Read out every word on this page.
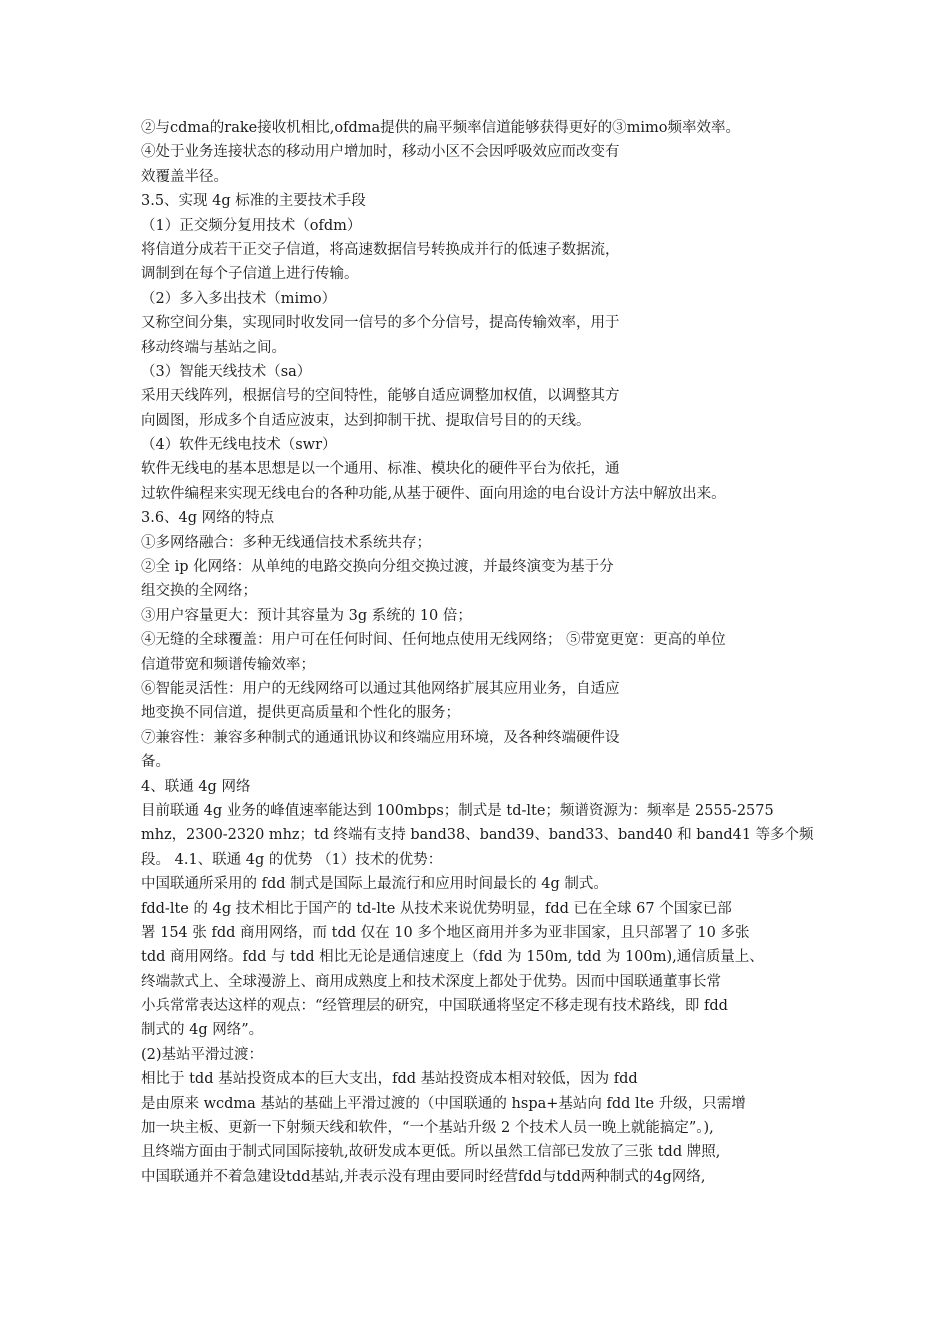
②与cdma的rake接收机相比,ofdma提供的扁平频率信道能够获得更好的③mimo频率效率。
④处于业务连接状态的移动用户增加时，移动小区不会因呼吸效应而改变有
效覆盖半径。
3.5、实现 4g 标准的主要技术手段
（1）正交频分复用技术（ofdm）
将信道分成若干正交子信道，将高速数据信号转换成并行的低速子数据流，
调制到在每个子信道上进行传输。
（2）多入多出技术（mimo）
又称空间分集，实现同时收发同一信号的多个分信号，提高传输效率，用于
移动终端与基站之间。
（3）智能天线技术（sa）
采用天线阵列，根据信号的空间特性，能够自适应调整加权值，以调整其方
向圆图，形成多个自适应波束，达到抑制干扰、提取信号目的的天线。
（4）软件无线电技术（swr）
软件无线电的基本思想是以一个通用、标准、模块化的硬件平台为依托，通
过软件编程来实现无线电台的各种功能,从基于硬件、面向用途的电台设计方法中解放出来。
3.6、4g 网络的特点
①多网络融合：多种无线通信技术系统共存；
②全 ip 化网络：从单纯的电路交换向分组交换过渡，并最终演变为基于分
组交换的全网络；
③用户容量更大：预计其容量为 3g 系统的 10 倍；
④无缝的全球覆盖：用户可在任何时间、任何地点使用无线网络； ⑤带宽更宽：更高的单位
信道带宽和频谱传输效率；
⑥智能灵活性：用户的无线网络可以通过其他网络扩展其应用业务，自适应
地变换不同信道，提供更高质量和个性化的服务；
⑦兼容性：兼容多种制式的通通讯协议和终端应用环境，及各种终端硬件设
备。
4、联通 4g 网络
目前联通 4g 业务的峰值速率能达到 100mbps；制式是 td-lte；频谱资源为：频率是 2555-2575
mhz，2300-2320 mhz；td 终端有支持 band38、band39、band33、band40 和 band41 等多个频
段。 4.1、联通 4g 的优势 （1）技术的优势：
中国联通所采用的 fdd 制式是国际上最流行和应用时间最长的 4g 制式。
fdd-lte 的 4g 技术相比于国产的 td-lte 从技术来说优势明显，fdd 已在全球 67 个国家已部
署 154 张 fdd 商用网络，而 tdd 仅在 10 多个地区商用并多为亚非国家，且只部署了 10 多张
tdd 商用网络。fdd 与 tdd 相比无论是通信速度上（fdd 为 150m, tdd 为 100m),通信质量上、
终端款式上、全球漫游上、商用成熟度上和技术深度上都处于优势。因而中国联通董事长常
小兵常常表达这样的观点：“经管理层的研究，中国联通将坚定不移走现有技术路线，即 fdd
制式的 4g 网络”。
(2)基站平滑过渡：
相比于 tdd 基站投资成本的巨大支出，fdd 基站投资成本相对较低，因为 fdd
是由原来 wcdma 基站的基础上平滑过渡的（中国联通的 hspa+基站向 fdd lte 升级，只需增
加一块主板、更新一下射频天线和软件，“一个基站升级 2 个技术人员一晚上就能搞定”。),
且终端方面由于制式同国际接轨,故研发成本更低。所以虽然工信部已发放了三张 tdd 牌照,
中国联通并不着急建设tdd基站,并表示没有理由要同时经营fdd与tdd两种制式的4g网络,
